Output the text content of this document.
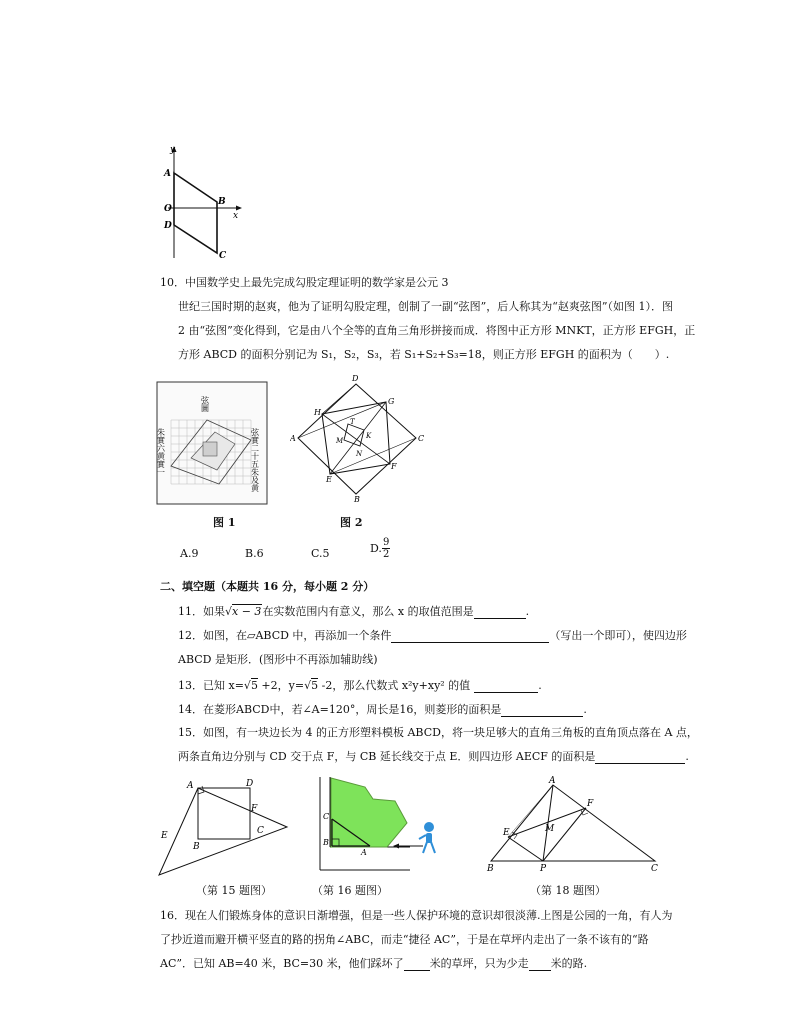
y
x
A
O
B
D
C
10．中国数学史上最先完成勾股定理证明的数学家是公元 3
世纪三国时期的赵爽，他为了证明勾股定理，创制了一副“弦图”，后人称其为“赵爽弦图”（如图 1）．图
2 由“弦图”变化得到，它是由八个全等的直角三角形拼接而成．将图中正方形 MNKT，正方形 EFGH，正
方形 ABCD 的面积分别记为 S₁，S₂，S₃，若 S₁+S₂+S₃=18，则正方形 EFGH 的面积为（　　）.
弦圖
朱實六黄實一	弦實二十五朱及黄
D
G
H
T
K
A	M	C
N
F
E
B
图 1	图 2
A.9	B.6	C.5	D. $\frac{9}{2}$
二、填空题（本题共 16 分，每小题 2 分）
11．如果√x − 3在实数范围内有意义，那么 x 的取值范围是	.
12．如图，在▱ABCD 中，再添加一个条件	（写出一个即可），使四边形
ABCD 是矩形．(图形中不再添加辅助线)
13．已知 x=√5 +2，y=√5 -2，那么代数式 x²y+xy² 的值	.
14．在菱形ABCD中，若∠A=120°，周长是16，则菱形的面积是	.
15．如图，有一块边长为 4 的正方形塑料模板 ABCD，将一块足够大的直角三角板的直角顶点落在 A 点，
两条直角边分别与 CD 交于点 F，与 CB 延长线交于点 E．则四边形 AECF 的面积是	.
A	D
F
E
B
C
（第 15 题图）
C
B
A
（第 16 题图）
A
F
E	M
B	P	C
（第 18 题图）
16．现在人们锻炼身体的意识日渐增强，但是一些人保护环境的意识却很淡薄.上图是公园的一角，有人为
了抄近道而避开横平竖直的路的拐角∠ABC，而走“捷径 AC”，于是在草坪内走出了一条不该有的“路
AC”．已知 AB=40 米，BC=30 米，他们踩坏了 米的草坪，只为少走 米的路.
